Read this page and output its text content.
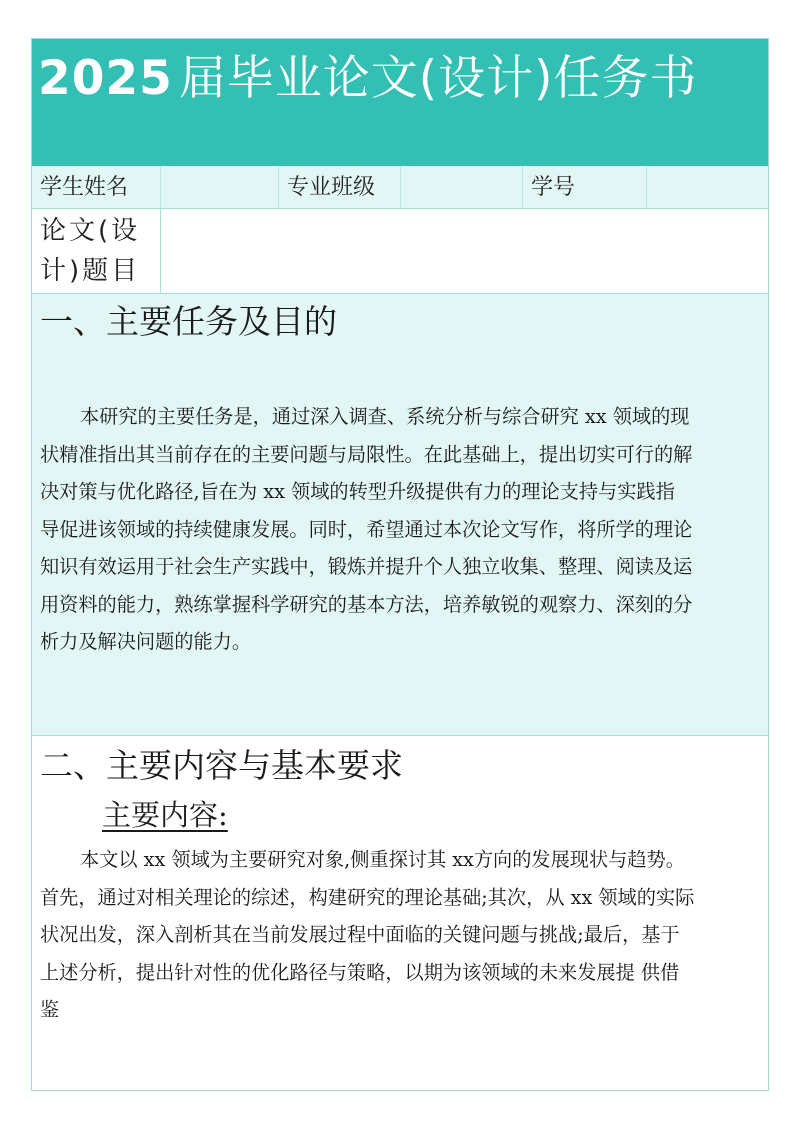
2025 届毕业论文(设计)任务书
学生姓名	专业班级	学号
论文(设
计)题目
一、主要任务及目的
本研究的主要任务是，通过深入调查、系统分析与综合研究 xx 领域的现
状精准指出其当前存在的主要问题与局限性。在此基础上，提出切实可行的解
决对策与优化路径,旨在为 xx 领域的转型升级提供有力的理论支持与实践指
导促进该领域的持续健康发展。同时，希望通过本次论文写作，将所学的理论
知识有效运用于社会生产实践中，锻炼并提升个人独立收集、整理、阅读及运
用资料的能力，熟练掌握科学研究的基本方法，培养敏锐的观察力、深刻的分
析力及解决问题的能力。
二、主要内容与基本要求
主要内容:
本文以 xx 领域为主要研究对象,侧重探讨其 xx方向的发展现状与趋势。
首先，通过对相关理论的综述，构建研究的理论基础;其次，从 xx 领域的实际
状况出发，深入剖析其在当前发展过程中面临的关键问题与挑战;最后，基于
上述分析，提出针对性的优化路径与策略，以期为该领域的未来发展提 供借
鉴
